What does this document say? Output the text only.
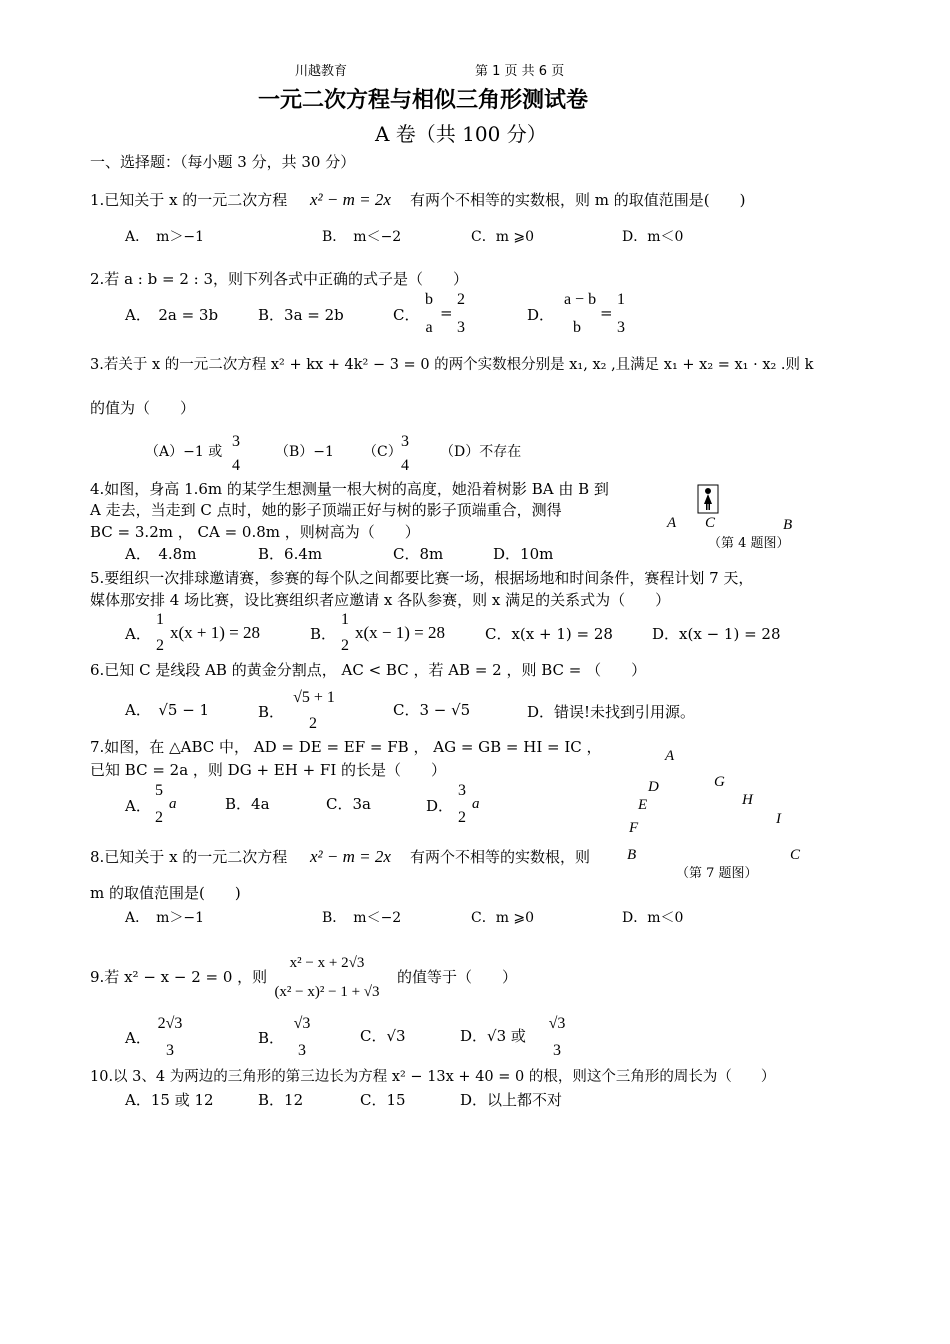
川越教育	第 1 页 共 6 页
一元二次方程与相似三角形测试卷
A 卷（共 100 分）
一、选择题：（每小题 3 分，共 30 分）
1.已知关于 x 的一元二次方程 x² − m = 2x 有两个不相等的实数根，则 m 的取值范围是(　　)
A．　m＞−1	B．　m＜−2	C．m ⩾0	D．m＜0
2.若 a : b = 2 : 3，则下列各式中正确的式子是（　　）
A．　2a = 3b	B．3a = 2b	C．
b
a
=
2
3
D．
a − b
b
=
1
3
3.若关于 x 的一元二次方程 x² + kx + 4k² − 3 = 0 的两个实数根分别是 x₁, x₂ ,且满足 x₁ + x₂ = x₁ · x₂ .则 k
的值为（　　）
（A）−1 或
3
4
（B）−1 （C）
3
4
（D）不存在
4.如图，身高 1.6m 的某学生想测量一根大树的高度，她沿着树影 BA 由 B 到
A 走去，当走到 C 点时，她的影子顶端正好与树的影子顶端重合，测得
BC = 3.2m ， CA = 0.8m ，则树高为（　　）
A．　4.8m	B．6.4m	C．8m	D．10m
A C	B
（第 4 题图）
5.要组织一次排球邀请赛，参赛的每个队之间都要比赛一场，根据场地和时间条件，赛程计划 7 天，
媒体那安排 4 场比赛，设比赛组织者应邀请 x 各队参赛，则 x 满足的关系式为（　　）
A．
1
2
x(x + 1) = 28	B．
1
2
x(x − 1) = 28	C．x(x + 1) = 28	D．x(x − 1) = 28
6.已知 C 是线段 AB 的黄金分割点， AC < BC ，若 AB = 2 ，则 BC = （　　）
A．　√5 − 1	B．
√5 + 1
2
C．3 − √5	D．错误!未找到引用源。
7.如图，在 △ABC 中， AD = DE = EF = FB ， AG = GB = HI = IC ，
已知 BC = 2a ，则 DG + EH + FI 的长是（　　）
A．
5
2
a	B．4a	C．3a	D．
3
2
a
A
D	G
E	H
F
I
B	C
（第 7 题图）
8.已知关于 x 的一元二次方程 x² − m = 2x 有两个不相等的实数根，则
m 的取值范围是(　　)
A．　m＞−1	B．　m＜−2	C．m ⩾0	D．m＜0
9.若 x² − x − 2 = 0 ，则
x² − x + 2√3
(x² − x)² − 1 + √3
的值等于（　　）
A．
2√3
3
B．
√3
3
C．√3	D．√3 或
√3
3
10.以 3、4 为两边的三角形的第三边长为方程 x² − 13x + 40 = 0 的根，则这个三角形的周长为（　　）
A．15 或 12	B．12	C．15	D．以上都不对
